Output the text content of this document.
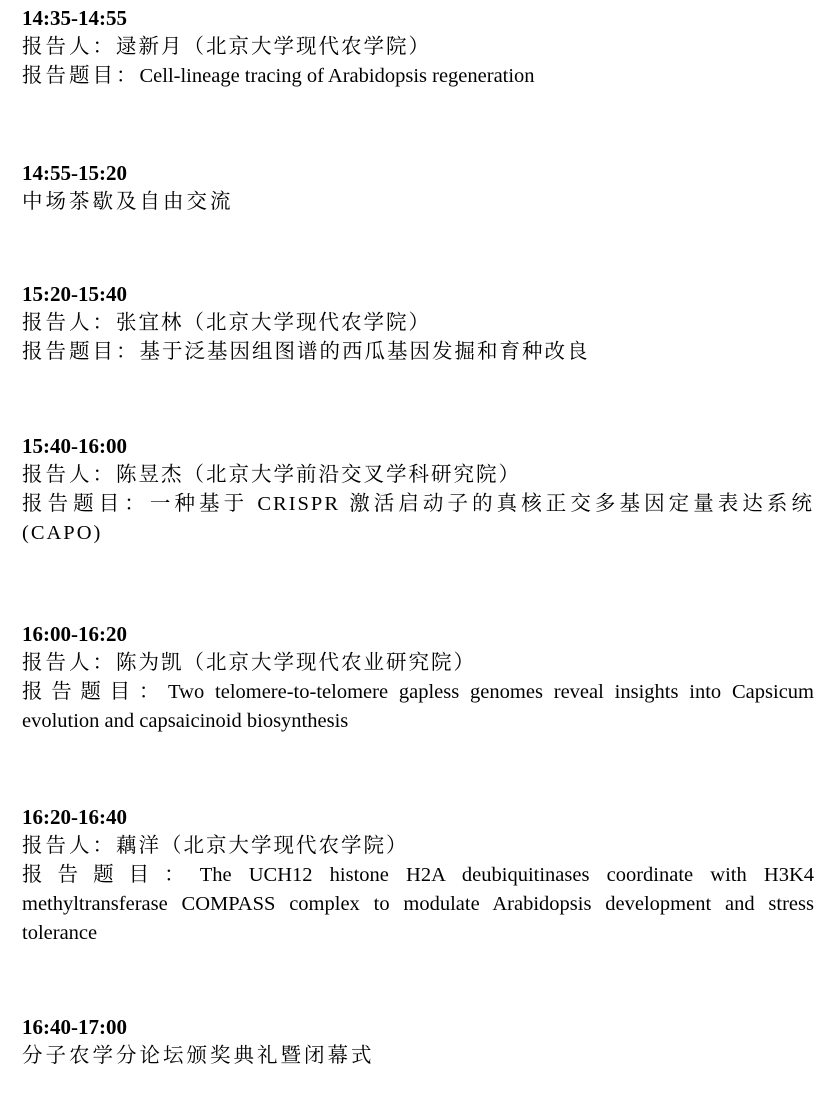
14:35-14:55
报告人：逯新月（北京大学现代农学院）
报告题目：Cell-lineage tracing of Arabidopsis regeneration
14:55-15:20
中场茶歇及自由交流
15:20-15:40
报告人：张宜林（北京大学现代农学院）
报告题目：基于泛基因组图谱的西瓜基因发掘和育种改良
15:40-16:00
报告人：陈昱杰（北京大学前沿交叉学科研究院）
报告题目：一种基于 CRISPR 激活启动子的真核正交多基因定量表达系统(CAPO)
16:00-16:20
报告人：陈为凯（北京大学现代农业研究院）
报告题目：Two telomere-to-telomere gapless genomes reveal insights into Capsicum evolution and capsaicinoid biosynthesis
16:20-16:40
报告人：藕洋（北京大学现代农学院）
报告题目：The UCH12 histone H2A deubiquitinases coordinate with H3K4 methyltransferase COMPASS complex to modulate Arabidopsis development and stress tolerance
16:40-17:00
分子农学分论坛颁奖典礼暨闭幕式
